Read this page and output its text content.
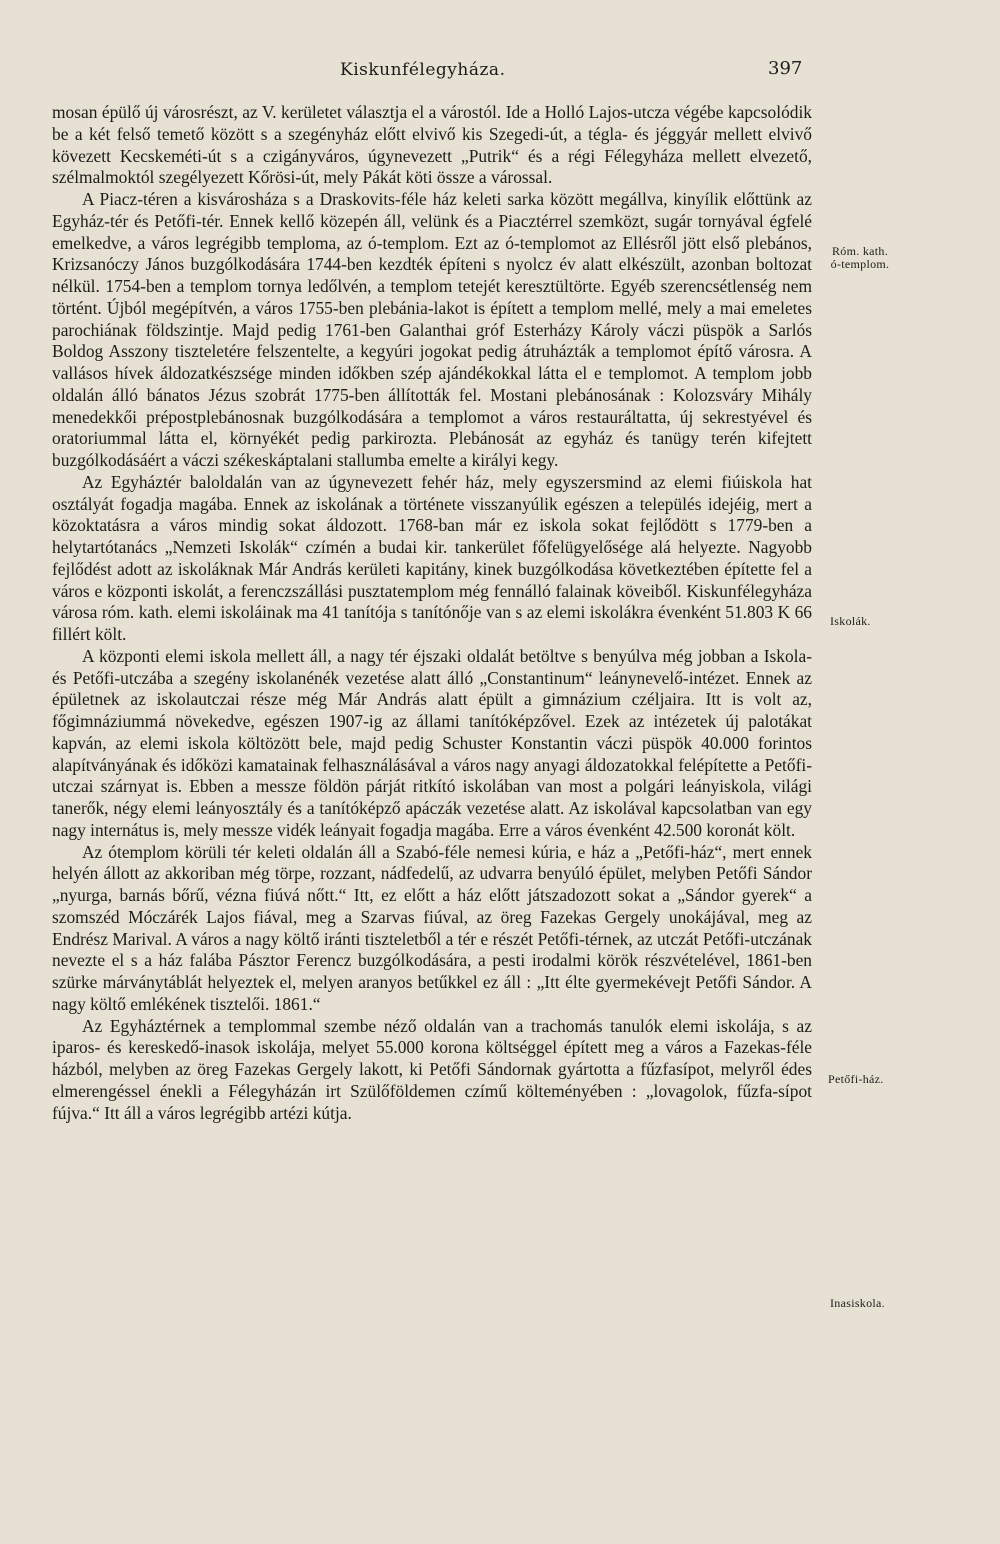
Kiskunfélegyháza.	397

mosan épülő új városrészt, az V. kerületet választja el a várostól. Ide a Holló Lajos-utcza végébe kapcsolódik be a két felső temető között s a szegényház előtt elvivő kis Szegedi-út, a tégla- és jéggyár mellett elvivő kövezett Kecskeméti-út s a czigányváros, úgynevezett „Putrik“ és a régi Félegyháza mellett elvezető, szélmalmoktól szegélyezett Kőrösi-út, mely Pákát köti össze a várossal.

A Piacz-téren a kisvárosháza s a Draskovits-féle ház keleti sarka között megállva, kinyílik előttünk az Egyház-tér és Petőfi-tér. Ennek kellő közepén áll, velünk és a Piacztérrel szemközt, sugár tornyával égfelé emelkedve, a város legrégibb temploma, az ó-templom. Ezt az ó-templomot az Ellésről jött első plebános, Krizsanóczy János buzgólkodására 1744-ben kezdték építeni s nyolcz év alatt elkészült, azonban boltozat nélkül. 1754-ben a templom tornya ledőlvén, a templom tetejét keresztültörte. Egyéb szerencsétlenség nem történt. Újból megépítvén, a város 1755-ben plebánia-lakot is épített a templom mellé, mely a mai emeletes parochiának földszintje. Majd pedig 1761-ben Galanthai gróf Esterházy Károly váczi püspök a Sarlós Boldog Asszony tiszteletére felszentelte, a kegyúri jogokat pedig átruházták a templomot építő városra. A vallásos hívek áldozatkészsége minden időkben szép ajándékokkal látta el e templomot. A templom jobb oldalán álló bánatos Jézus szobrát 1775-ben állították fel. Mostani plebánosának : Kolozsváry Mihály menedekkői prépostplebánosnak buzgólkodására a templomot a város restauráltatta, új sekrestyével és oratoriummal látta el, környékét pedig parkirozta. Plebánosát az egyház és tanügy terén kifejtett buzgólkodásáért a váczi székeskáptalani stallumba emelte a királyi kegy.

Az Egyháztér baloldalán van az úgynevezett fehér ház, mely egyszersmind az elemi fiúiskola hat osztályát fogadja magába. Ennek az iskolának a története visszanyúlik egészen a település idejéig, mert a közoktatásra a város mindig sokat áldozott. 1768-ban már ez iskola sokat fejlődött s 1779-ben a helytartótanács „Nemzeti Iskolák“ czímén a budai kir. tankerület főfelügyelősége alá helyezte. Nagyobb fejlődést adott az iskoláknak Már András kerületi kapitány, kinek buzgólkodása következtében építette fel a város e központi iskolát, a ferenczszállási pusztatemplom még fennálló falainak köveiből. Kiskunfélegyháza városa róm. kath. elemi iskoláinak ma 41 tanítója s tanítónője van s az elemi iskolákra évenként 51.803 K 66 fillért költ.

A központi elemi iskola mellett áll, a nagy tér éjszaki oldalát betöltve s benyúlva még jobban a Iskola- és Petőfi-utczába a szegény iskolanénék vezetése alatt álló „Constantinum“ leánynevelő-intézet. Ennek az épületnek az iskolautczai része még Már András alatt épült a gimnázium czéljaira. Itt is volt az, főgimnáziummá növekedve, egészen 1907-ig az állami tanítóképzővel. Ezek az intézetek új palotákat kapván, az elemi iskola költözött bele, majd pedig Schuster Konstantin váczi püspök 40.000 forintos alapítványának és időközi kamatainak felhasználásával a város nagy anyagi áldozatokkal felépítette a Petőfi-utczai szárnyat is. Ebben a messze földön párját ritkító iskolában van most a polgári leányiskola, világi tanerők, négy elemi leányosztály és a tanítóképző apáczák vezetése alatt. Az iskolával kapcsolatban van egy nagy internátus is, mely messze vidék leányait fogadja magába. Erre a város évenként 42.500 koronát költ.

Az ótemplom körüli tér keleti oldalán áll a Szabó-féle nemesi kúria, e ház a „Petőfi-ház“, mert ennek helyén állott az akkoriban még törpe, rozzant, nádfedelű, az udvarra benyúló épület, melyben Petőfi Sándor „nyurga, barnás bőrű, vézna fiúvá nőtt.“ Itt, ez előtt a ház előtt játszadozott sokat a „Sándor gyerek“ a szomszéd Móczárék Lajos fiával, meg a Szarvas fiúval, az öreg Fazekas Gergely unokájával, meg az Endrész Marival. A város a nagy költő iránti tiszteletből a tér e részét Petőfi-térnek, az utczát Petőfi-utczának nevezte el s a ház falába Pásztor Ferencz buzgólkodására, a pesti irodalmi körök részvételével, 1861-ben szürke márványtáblát helyeztek el, melyen aranyos betűkkel ez áll : „Itt élte gyermekévejt Petőfi Sándor. A nagy költő emlékének tisztelői. 1861.“

Az Egyháztérnek a templommal szembe néző oldalán van a trachomás tanulók elemi iskolája, s az iparos- és kereskedő-inasok iskolája, melyet 55.000 korona költséggel épített meg a város a Fazekas-féle házból, melyben az öreg Fazekas Gergely lakott, ki Petőfi Sándornak gyártotta a fűzfasípot, melyről édes elmerengéssel énekli a Félegyházán irt Szülőföldemen czímű költeményében : „lovagolok, fűzfa-sípot fújva.“ Itt áll a város legrégibb artézi kútja.

Róm. kath.
ó-templom.
Iskolák.
Petőfi-ház.
Inasiskola.
